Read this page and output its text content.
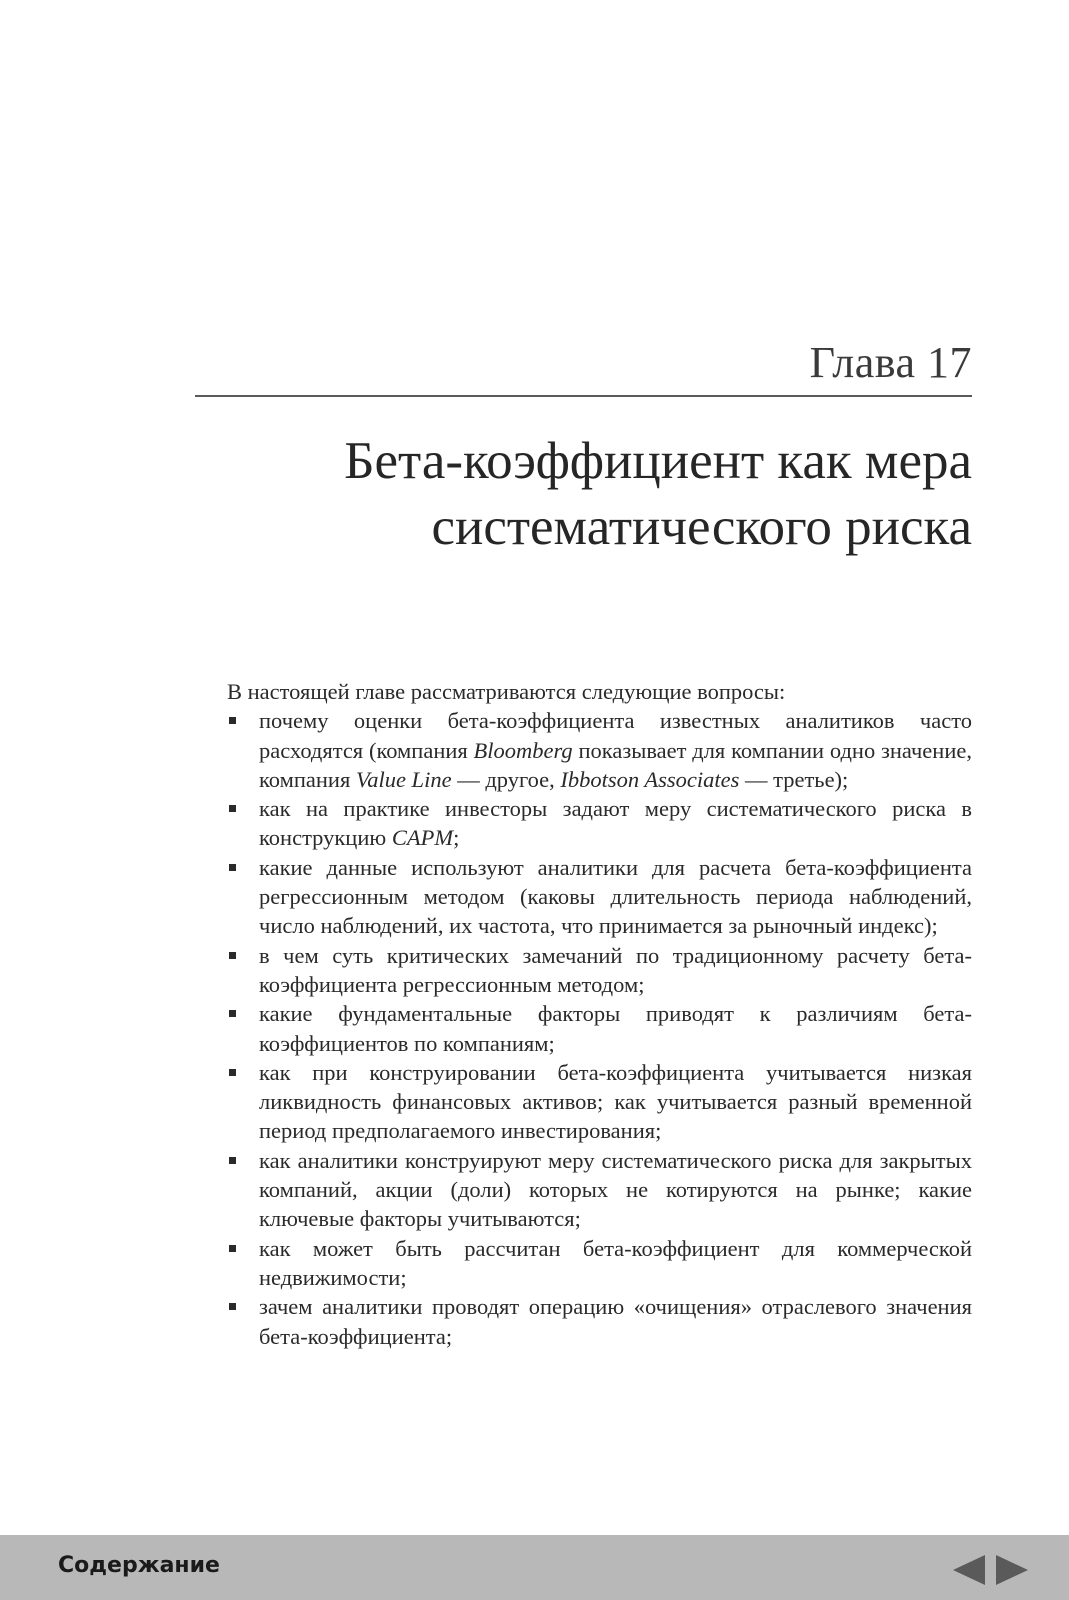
Глава 17
Бета-коэффициент как мера
систематического риска

В настоящей главе рассматриваются следующие вопросы:

почему оценки бета-коэффициента известных аналитиков часто расходятся (компания Bloomberg показывает для компании одно значение, компания Value Line — другое, Ibbotson Associates — третье);
как на практике инвесторы задают меру систематического риска в конструкцию CAPM;
какие данные используют аналитики для расчета бета-коэффициента регрессионным методом (каковы длительность периода наблюдений, число наблюдений, их частота, что принимается за рыночный индекс);
в чем суть критических замечаний по традиционному расчету бета-коэффициента регрессионным методом;
какие фундаментальные факторы приводят к различиям бета-коэффициентов по компаниям;
как при конструировании бета-коэффициента учитывается низкая ликвидность финансовых активов; как учитывается разный временной период предполагаемого инвестирования;
как аналитики конструируют меру систематического риска для закрытых компаний, акции (доли) которых не котируются на рынке; какие ключевые факторы учитываются;
как может быть рассчитан бета-коэффициент для коммерческой недвижимости;
зачем аналитики проводят операцию «очищения» отраслевого значения бета-коэффициента;
Содержание
